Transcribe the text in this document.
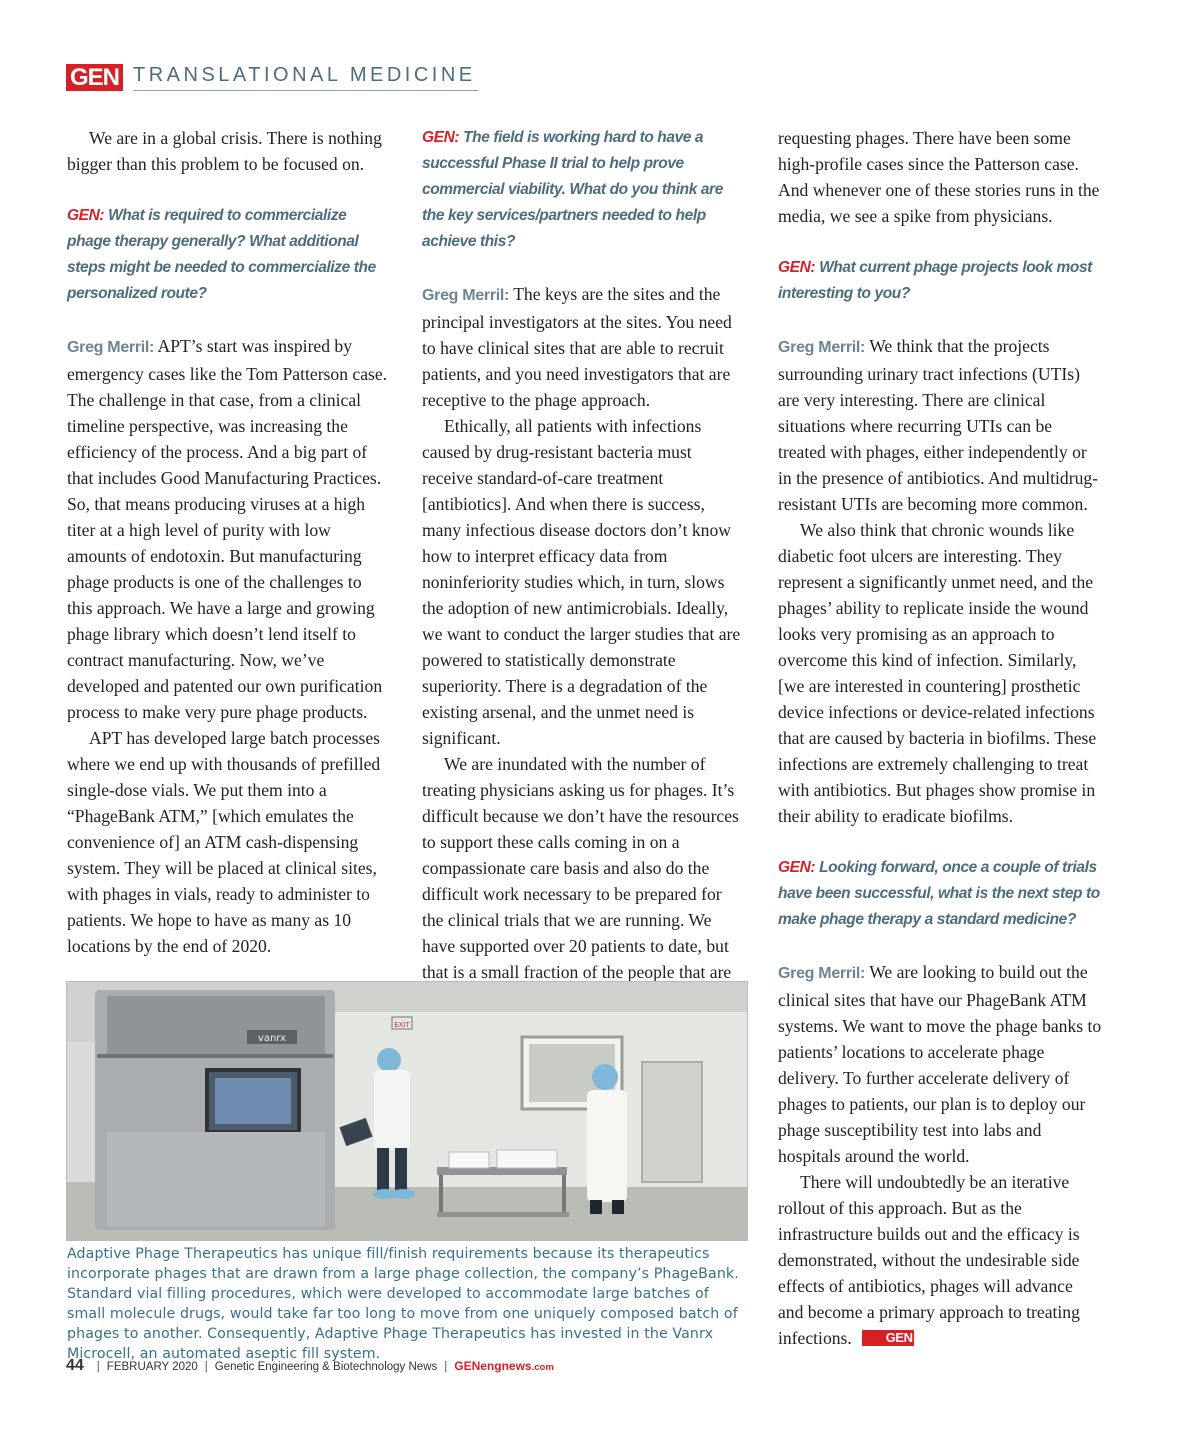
GEN TRANSLATIONAL MEDICINE

We are in a global crisis. There is nothing bigger than this problem to be focused on.

GEN: What is required to commercialize phage therapy generally? What additional steps might be needed to commercialize the personalized route?

Greg Merril: APT’s start was inspired by emergency cases like the Tom Patterson case. The challenge in that case, from a clinical timeline perspective, was increasing the efficiency of the process. And a big part of that includes Good Manufacturing Practices. So, that means producing viruses at a high titer at a high level of purity with low amounts of endotoxin. But manufacturing phage products is one of the challenges to this approach. We have a large and growing phage library which doesn’t lend itself to contract manufacturing. Now, we’ve developed and patented our own purification process to make very pure phage products.

APT has developed large batch processes where we end up with thousands of prefilled single-dose vials. We put them into a “PhageBank ATM,” [which emulates the convenience of] an ATM cash-dispensing system. They will be placed at clinical sites, with phages in vials, ready to administer to patients. We hope to have as many as 10 locations by the end of 2020.

GEN: The field is working hard to have a successful Phase II trial to help prove commercial viability. What do you think are the key services/partners needed to help achieve this?

Greg Merril: The keys are the sites and the principal investigators at the sites. You need to have clinical sites that are able to recruit patients, and you need investigators that are receptive to the phage approach.

Ethically, all patients with infections caused by drug-resistant bacteria must receive standard-of-care treatment [antibiotics]. And when there is success, many infectious disease doctors don’t know how to interpret efficacy data from noninferiority studies which, in turn, slows the adoption of new antimicrobials. Ideally, we want to conduct the larger studies that are powered to statistically demonstrate superiority. There is a degradation of the existing arsenal, and the unmet need is significant.

We are inundated with the number of treating physicians asking us for phages. It’s difficult because we don’t have the resources to support these calls coming in on a compassionate care basis and also do the difficult work necessary to be prepared for the clinical trials that we are running. We have supported over 20 patients to date, but that is a small fraction of the people that are

requesting phages. There have been some high-profile cases since the Patterson case. And whenever one of these stories runs in the media, we see a spike from physicians.

GEN: What current phage projects look most interesting to you?

Greg Merril: We think that the projects surrounding urinary tract infections (UTIs) are very interesting. There are clinical situations where recurring UTIs can be treated with phages, either independently or in the presence of antibiotics. And multidrug-resistant UTIs are becoming more common.

We also think that chronic wounds like diabetic foot ulcers are interesting. They represent a significantly unmet need, and the phages’ ability to replicate inside the wound looks very promising as an approach to overcome this kind of infection. Similarly, [we are interested in countering] prosthetic device infections or device-related infections that are caused by bacteria in biofilms. These infections are extremely challenging to treat with antibiotics. But phages show promise in their ability to eradicate biofilms.

GEN: Looking forward, once a couple of trials have been successful, what is the next step to make phage therapy a standard medicine?

Greg Merril: We are looking to build out the clinical sites that have our PhageBank ATM systems. We want to move the phage banks to patients’ locations to accelerate phage delivery. To further accelerate delivery of phages to patients, our plan is to deploy our phage susceptibility test into labs and hospitals around the world.

There will undoubtedly be an iterative rollout of this approach. But as the infrastructure builds out and the efficacy is demonstrated, without the undesirable side effects of antibiotics, phages will advance and become a primary approach to treating infections.	GEN

EXIT
vanrx
Adaptive Phage Therapeutics has unique fill/finish requirements because its therapeutics incorporate phages that are drawn from a large phage collection, the company’s PhageBank. Standard vial filling procedures, which were developed to accommodate large batches of small molecule drugs, would take far too long to move from one uniquely composed batch of phages to another. Consequently, Adaptive Phage Therapeutics has invested in the Vanrx Microcell, an automated aseptic fill system.
44 | FEBRUARY 2020 | Genetic Engineering & Biotechnology News | GENengnews.com
